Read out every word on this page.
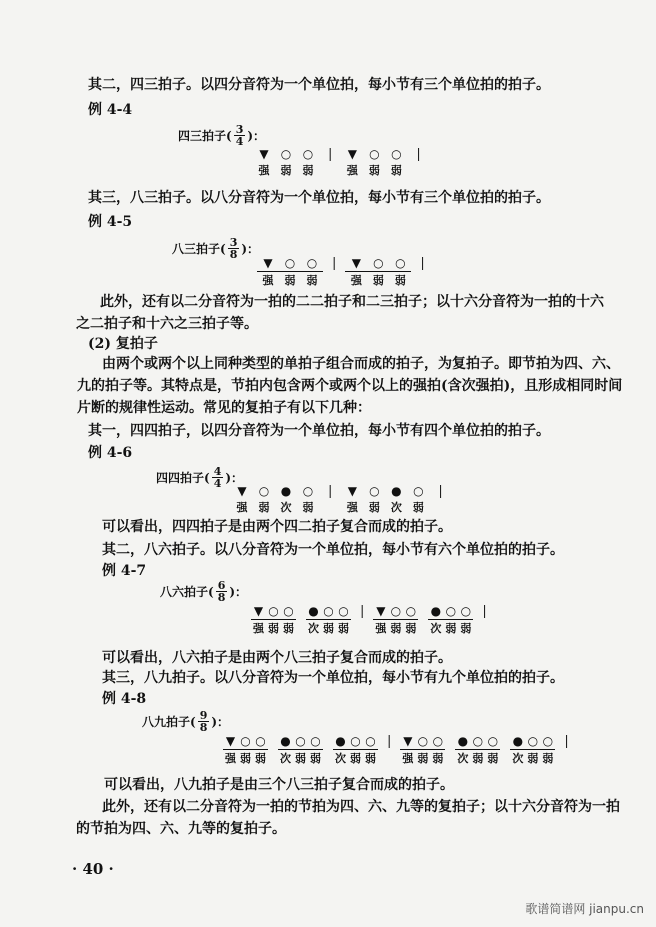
其二，四三拍子。以四分音符为一个单位拍，每小节有三个单位拍的拍子。
例 4-4
四三拍子( $\frac{3}{4}$ )：
▼	○ ○
强	弱	弱
|	▼	○ ○
强	弱	弱
|
其三，八三拍子。以八分音符为一个单位拍，每小节有三个单位拍的拍子。
例 4-5
八三拍子( $\frac{3}{8}$ )：
▼	○ ○
强	弱	弱
|	▼	○ ○
强	弱	弱
|
此外，还有以二分音符为一拍的二二拍子和二三拍子；以十六分音符为一拍的十六
之二拍子和十六之三拍子等。
(2) 复拍子
由两个或两个以上同种类型的单拍子组合而成的拍子，为复拍子。即节拍为四、六、
九的拍子等。其特点是，节拍内包含两个或两个以上的强拍(含次强拍)，且形成相同时间
片断的规律性运动。常见的复拍子有以下几种：
其一，四四拍子，以四分音符为一个单位拍，每小节有四个单位拍的拍子。
例 4-6
四四拍子( $\frac{4}{4}$ )：
▼	○ ● ○
强	弱	次	弱
|	▼	○ ● ○
强	弱	次	弱
|
可以看出，四四拍子是由两个四二拍子复合而成的拍子。
其二，八六拍子。以八分音符为一个单位拍，每小节有六个单位拍的拍子。
例 4-7
八六拍子( $\frac{6}{8}$ )：
▼ ○ ○
强 弱 弱
● ○ ○
次 弱 弱
| ▼ ○ ○
强 弱 弱
● ○ ○
次 弱 弱
|
可以看出，八六拍子是由两个八三拍子复合而成的拍子。
其三，八九拍子。以八分音符为一个单位拍，每小节有九个单位拍的拍子。
例 4-8
八九拍子( $\frac{9}{8}$ )：
▼ ○ ○
强 弱 弱
● ○ ○
次 弱 弱
● ○ ○
次 弱 弱
| ▼ ○ ○
强 弱 弱
● ○ ○
次 弱 弱
● ○ ○
次 弱 弱
|
可以看出，八九拍子是由三个八三拍子复合而成的拍子。
此外，还有以二分音符为一拍的节拍为四、六、九等的复拍子；以十六分音符为一拍
的节拍为四、六、九等的复拍子。
· 40 ·
歌谱简谱网 jianpu.cn
